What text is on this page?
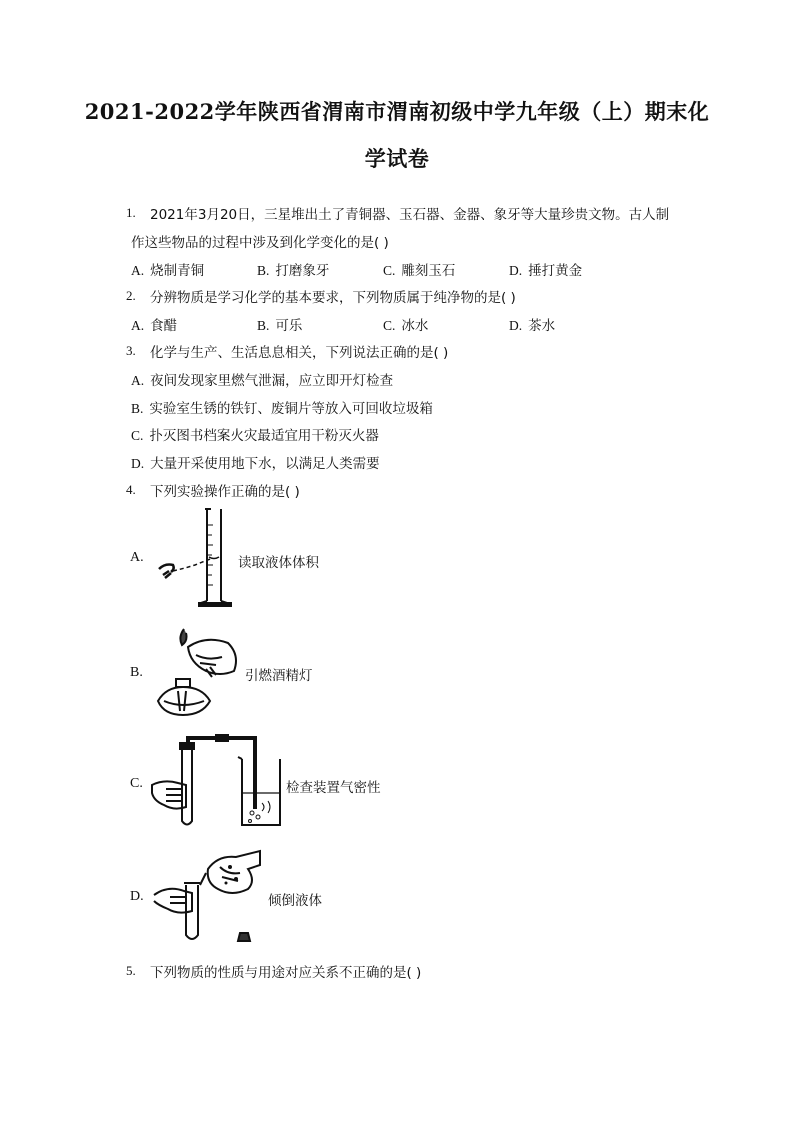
2021-2022学年陕西省渭南市渭南初级中学九年级（上）期末化
学试卷
1.	2021年3月20日，三星堆出土了青铜器、玉石器、金器、象牙等大量珍贵文物。古人制
作这些物品的过程中涉及到化学变化的是( )
A. 烧制青铜	B. 打磨象牙	C. 雕刻玉石	D. 捶打黄金
2.	分辨物质是学习化学的基本要求，下列物质属于纯净物的是( )
A. 食醋	B. 可乐	C. 冰水	D. 茶水
3.	化学与生产、生活息息相关，下列说法正确的是( )
A. 夜间发现家里燃气泄漏，应立即开灯检查
B. 实验室生锈的铁钉、废铜片等放入可回收垃圾箱
C. 扑灭图书档案火灾最适宜用干粉灭火器
D. 大量开采使用地下水，以满足人类需要
4.	下列实验操作正确的是( )
A.	读取液体体积
B.	引燃酒精灯
C.	检查装置气密性
D.	倾倒液体
5.	下列物质的性质与用途对应关系不正确的是( )
